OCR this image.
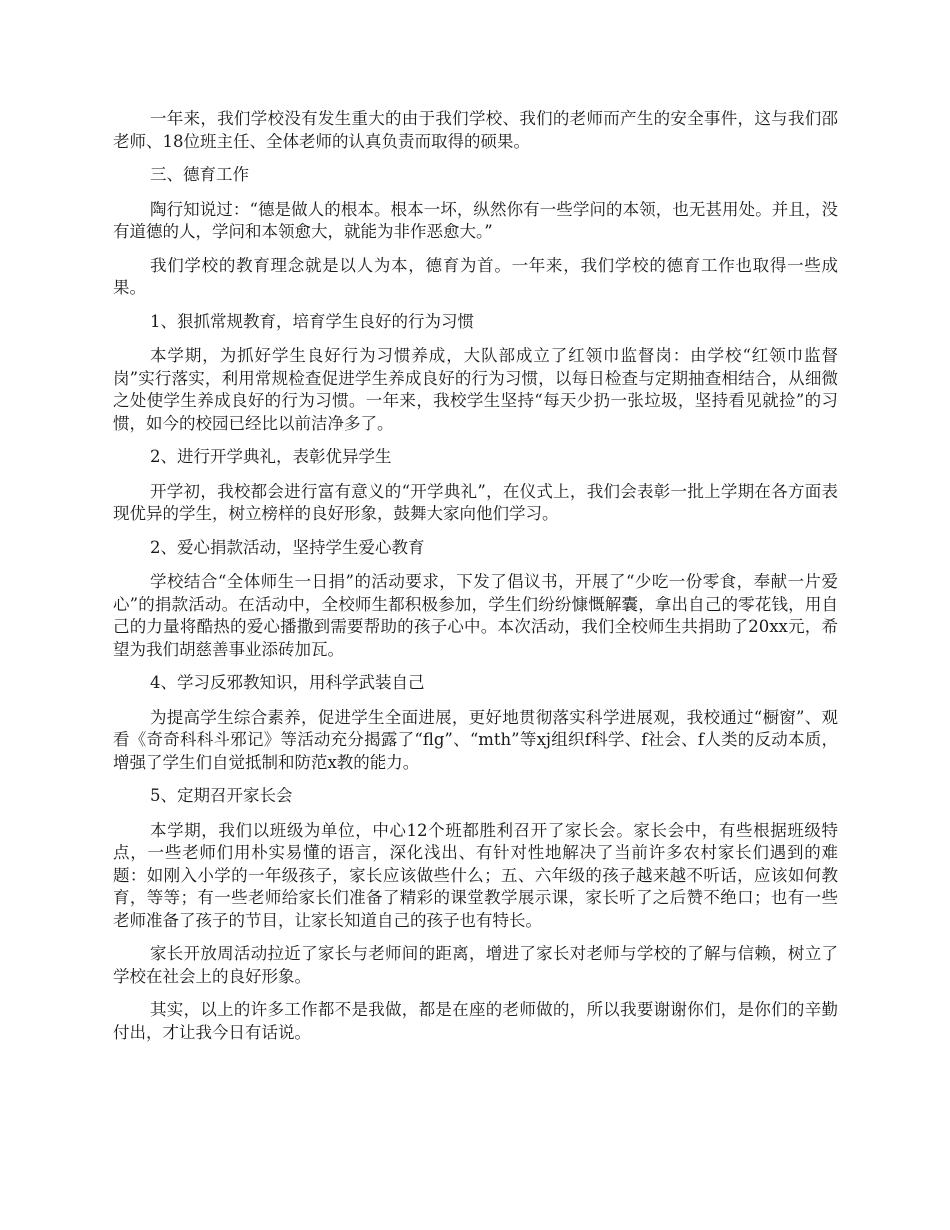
一年来，我们学校没有发生重大的由于我们学校、我们的老师而产生的安全事件，这与我们邵老师、18位班主任、全体老师的认真负责而取得的硕果。

三、德育工作

陶行知说过：“德是做人的根本。根本一坏，纵然你有一些学问的本领，也无甚用处。并且，没有道德的人，学问和本领愈大，就能为非作恶愈大。”

我们学校的教育理念就是以人为本，德育为首。一年来，我们学校的德育工作也取得一些成果。

1、狠抓常规教育，培育学生良好的行为习惯

本学期，为抓好学生良好行为习惯养成，大队部成立了红领巾监督岗：由学校“红领巾监督岗”实行落实，利用常规检查促进学生养成良好的行为习惯，以每日检查与定期抽查相结合，从细微之处使学生养成良好的行为习惯。一年来，我校学生坚持“每天少扔一张垃圾，坚持看见就捡”的习惯，如今的校园已经比以前洁净多了。

2、进行开学典礼，表彰优异学生

开学初，我校都会进行富有意义的“开学典礼”，在仪式上，我们会表彰一批上学期在各方面表现优异的学生，树立榜样的良好形象，鼓舞大家向他们学习。

2、爱心捐款活动，坚持学生爱心教育

学校结合“全体师生一日捐”的活动要求，下发了倡议书，开展了“少吃一份零食，奉献一片爱心”的捐款活动。在活动中，全校师生都积极参加，学生们纷纷慷慨解囊，拿出自己的零花钱，用自己的力量将酷热的爱心播撒到需要帮助的孩子心中。本次活动，我们全校师生共捐助了20xx元，希望为我们胡慈善事业添砖加瓦。

4、学习反邪教知识，用科学武装自己

为提高学生综合素养，促进学生全面进展，更好地贯彻落实科学进展观，我校通过“橱窗”、观看《奇奇科科斗邪记》等活动充分揭露了“flg”、“mth”等xj组织f科学、f社会、f人类的反动本质，增强了学生们自觉抵制和防范x教的能力。

5、定期召开家长会

本学期，我们以班级为单位，中心12个班都胜利召开了家长会。家长会中，有些根据班级特点，一些老师们用朴实易懂的语言，深化浅出、有针对性地解决了当前许多农村家长们遇到的难题：如刚入小学的一年级孩子，家长应该做些什么；五、六年级的孩子越来越不听话，应该如何教育，等等；有一些老师给家长们准备了精彩的课堂教学展示课，家长听了之后赞不绝口；也有一些老师准备了孩子的节目，让家长知道自己的孩子也有特长。

家长开放周活动拉近了家长与老师间的距离，增进了家长对老师与学校的了解与信赖，树立了学校在社会上的良好形象。

其实，以上的许多工作都不是我做，都是在座的老师做的，所以我要谢谢你们，是你们的辛勤付出，才让我今日有话说。
